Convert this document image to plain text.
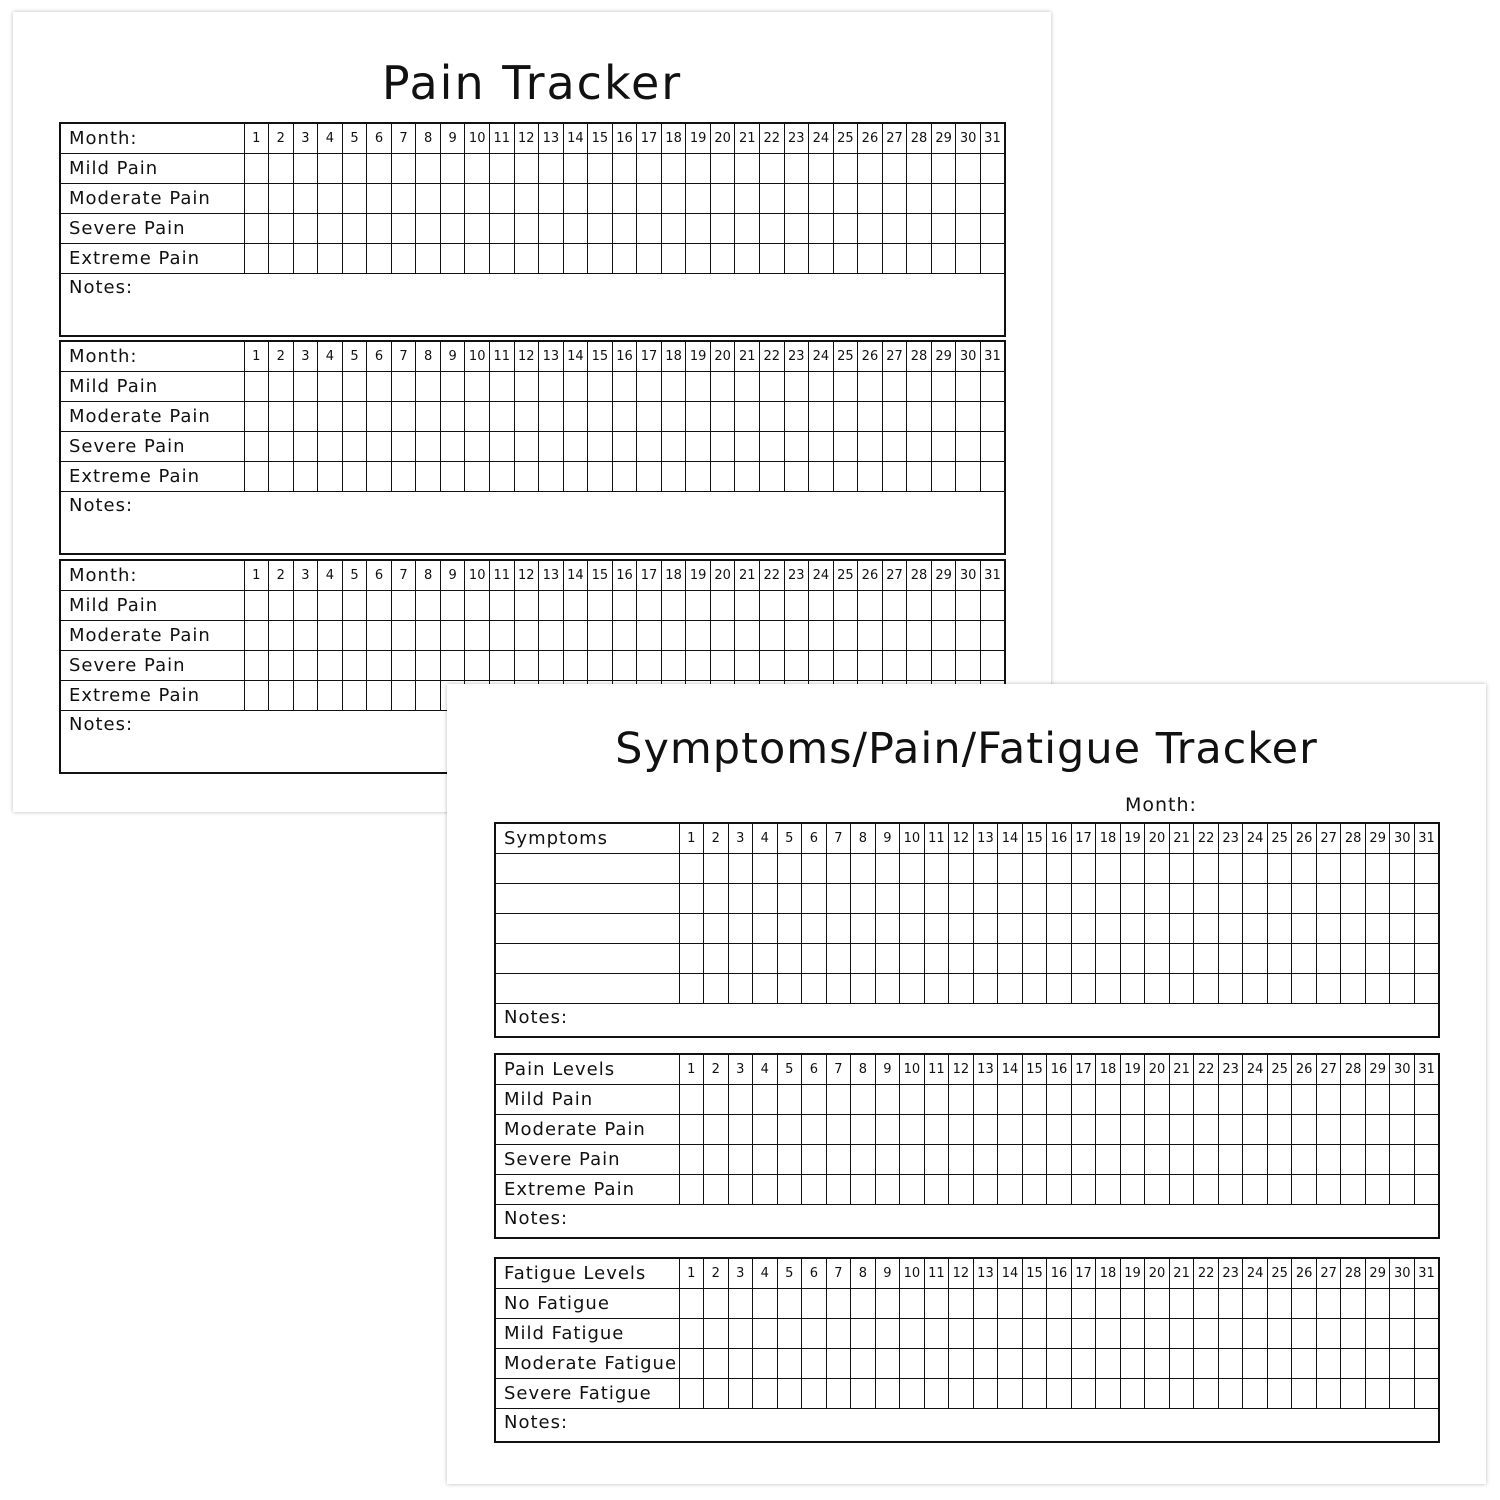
Pain Tracker
Month:	1	2	3	4	5	6	7	8	9	10	11	12	13	14	15	16	17	18	19	20	21	22	23	24	25	26	27	28	29	30	31
Mild Pain																															
Moderate Pain																															
Severe Pain																															
Extreme Pain																															
Notes:																															
Month:	1	2	3	4	5	6	7	8	9	10	11	12	13	14	15	16	17	18	19	20	21	22	23	24	25	26	27	28	29	30	31
Mild Pain																															
Moderate Pain																															
Severe Pain																															
Extreme Pain																															
Notes:																															
Month:	1	2	3	4	5	6	7	8	9	10	11	12	13	14	15	16	17	18	19	20	21	22	23	24	25	26	27	28	29	30	31
Mild Pain																															
Moderate Pain																															
Severe Pain																															
Extreme Pain																															
Notes:																																Symptoms/Pain/Fatigue Tracker
Month:
Symptoms	1	2	3	4	5	6	7	8	9	10	11	12	13	14	15	16	17	18	19	20	21	22	23	24	25	26	27	28	29	30	31

Notes:																															
Pain Levels	1	2	3	4	5	6	7	8	9	10	11	12	13	14	15	16	17	18	19	20	21	22	23	24	25	26	27	28	29	30	31
Mild Pain																															
Moderate Pain																															
Severe Pain																															
Extreme Pain																															
Notes:																															
Fatigue Levels	1	2	3	4	5	6	7	8	9	10	11	12	13	14	15	16	17	18	19	20	21	22	23	24	25	26	27	28	29	30	31
No Fatigue																															
Mild Fatigue																															
Moderate Fatigue																															
Severe Fatigue																															
Notes:																															
